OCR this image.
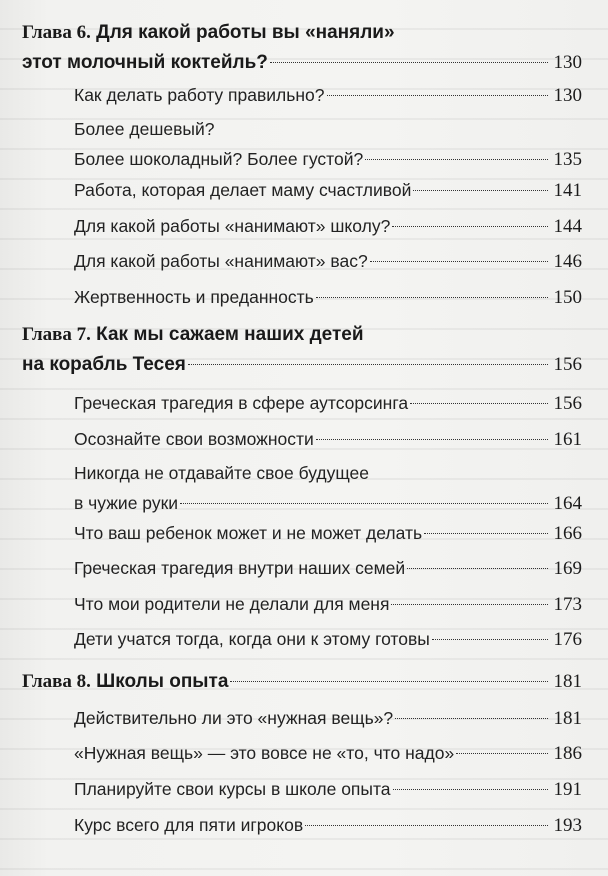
Глава 6. Для какой работы вы «наняли»
этот молочный коктейль?	130
Как делать работу правильно?	130
Более дешевый?
Более шоколадный? Более густой?	135
Работа, которая делает маму счастливой	141
Для какой работы «нанимают» школу?	144
Для какой работы «нанимают» вас?	146
Жертвенность и преданность	150
Глава 7. Как мы сажаем наших детей
на корабль Тесея	156
Греческая трагедия в сфере аутсорсинга	156
Осознайте свои возможности	161
Никогда не отдавайте свое будущее
в чужие руки	164
Что ваш ребенок может и не может делать	166
Греческая трагедия внутри наших семей	169
Что мои родители не делали для меня	173
Дети учатся тогда, когда они к этому готовы	176
Глава 8. Школы опыта	181
Действительно ли это «нужная вещь»?	181
«Нужная вещь» — это вовсе не «то, что надо»	186
Планируйте свои курсы в школе опыта	191
Курс всего для пяти игроков	193
